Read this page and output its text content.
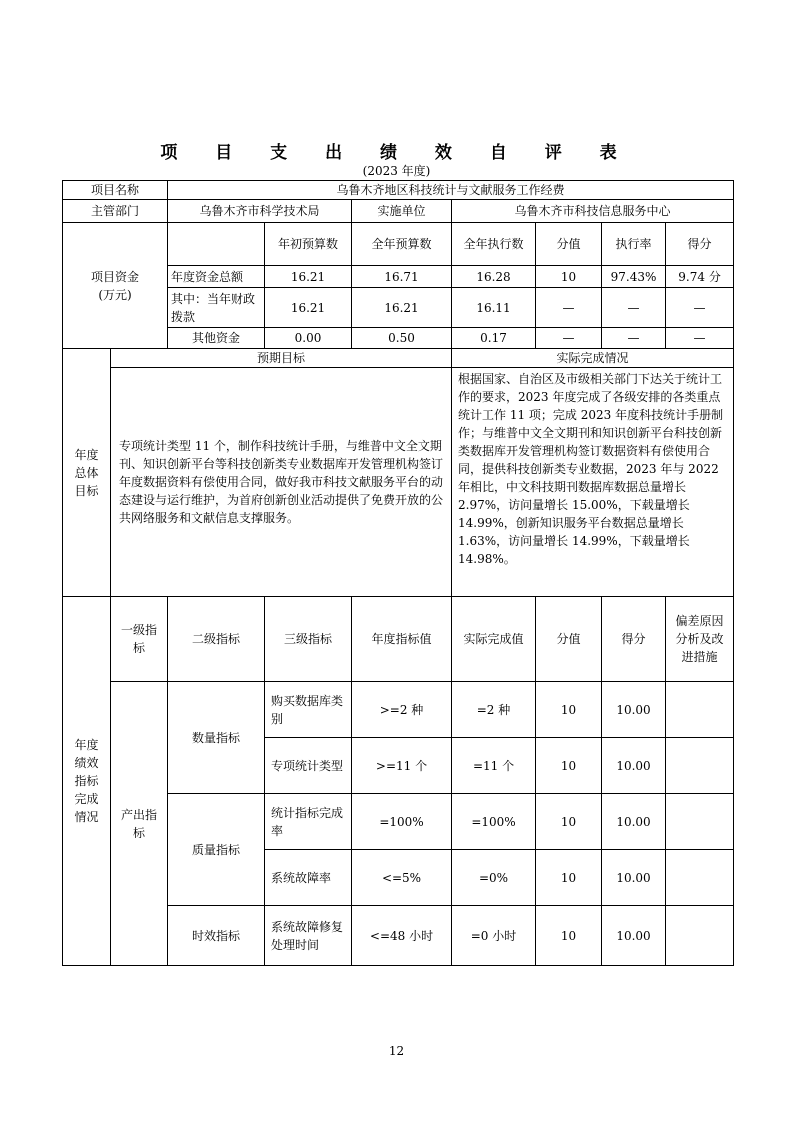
项 目 支 出 绩 效 自 评 表
(2023 年度)
项目名称		乌鲁木齐地区科技统计与文献服务工作经费						
主管部门		乌鲁木齐市科学技术局		实施单位	乌鲁木齐市科技信息服务中心			
项目资金
(万元)			年初预算数	全年预算数	全年执行数	分值	执行率	得分
		年度资金总额	16.21	16.71	16.28	10	97.43%	9.74 分
		其中：当年财政拨款	16.21	16.21	16.11	—	—	—
		其他资金	0.00	0.50	0.17	—	—	—
年度总体目标	预期目标				实际完成情况			
	专项统计类型 11 个，制作科技统计手册，与维普中文全文期刊、知识创新平台等科技创新类专业数据库开发管理机构签订年度数据资料有偿使用合同，做好我市科技文献服务平台的动态建设与运行维护，为首府创新创业活动提供了免费开放的公共网络服务和文献信息支撑服务。				根据国家、自治区及市级相关部门下达关于统计工作的要求，2023 年度完成了各级安排的各类重点统计工作 11 项；完成 2023 年度科技统计手册制作；与维普中文全文期刊和知识创新平台科技创新类数据库开发管理机构签订数据资料有偿使用合同，提供科技创新类专业数据，2023 年与 2022 年相比，中文科技期刊数据库数据总量增长 2.97%，访问量增长 15.00%，下载量增长 14.99%，创新知识服务平台数据总量增长 1.63%，访问量增长 14.99%，下载量增长 14.98%。			
年度绩效指标完成情况	一级指标	二级指标	三级指标	年度指标值	实际完成值	分值	得分	偏差原因分析及改进措施
	产出指标	数量指标	购买数据库类别	>=2 种	=2 种	10	10.00	
			专项统计类型	>=11 个	=11 个	10	10.00	
		质量指标	统计指标完成率	=100%	=100%	10	10.00	
			系统故障率	<=5%	=0%	10	10.00	
		时效指标	系统故障修复处理时间	<=48 小时	=0 小时	10	10.00	
12
